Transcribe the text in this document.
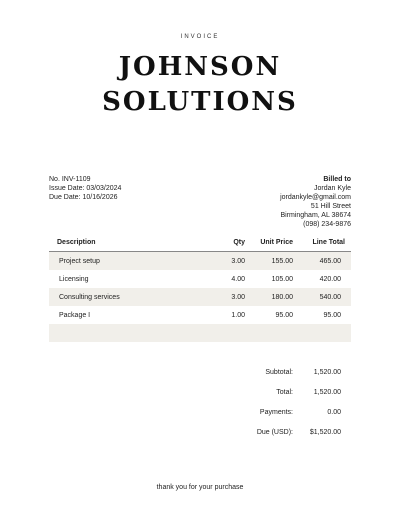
INVOICE
JOHNSON
SOLUTIONS
No. INV-1109
Issue Date: 03/03/2024
Due Date: 10/16/2026
Billed to
Jordan Kyle
jordankyle@gmail.com
51 Hill Street
Birmingham, AL 38674
(098) 234-9876
Description	Qty	Unit Price	Line Total
Project setup	3.00	155.00	465.00
Licensing	4.00	105.00	420.00
Consulting services	3.00	180.00	540.00
Package I	1.00	95.00	95.00

Subtotal:	1,520.00
Total:	1,520.00
Payments:	0.00
Due (USD):	$1,520.00
thank you for your purchase
